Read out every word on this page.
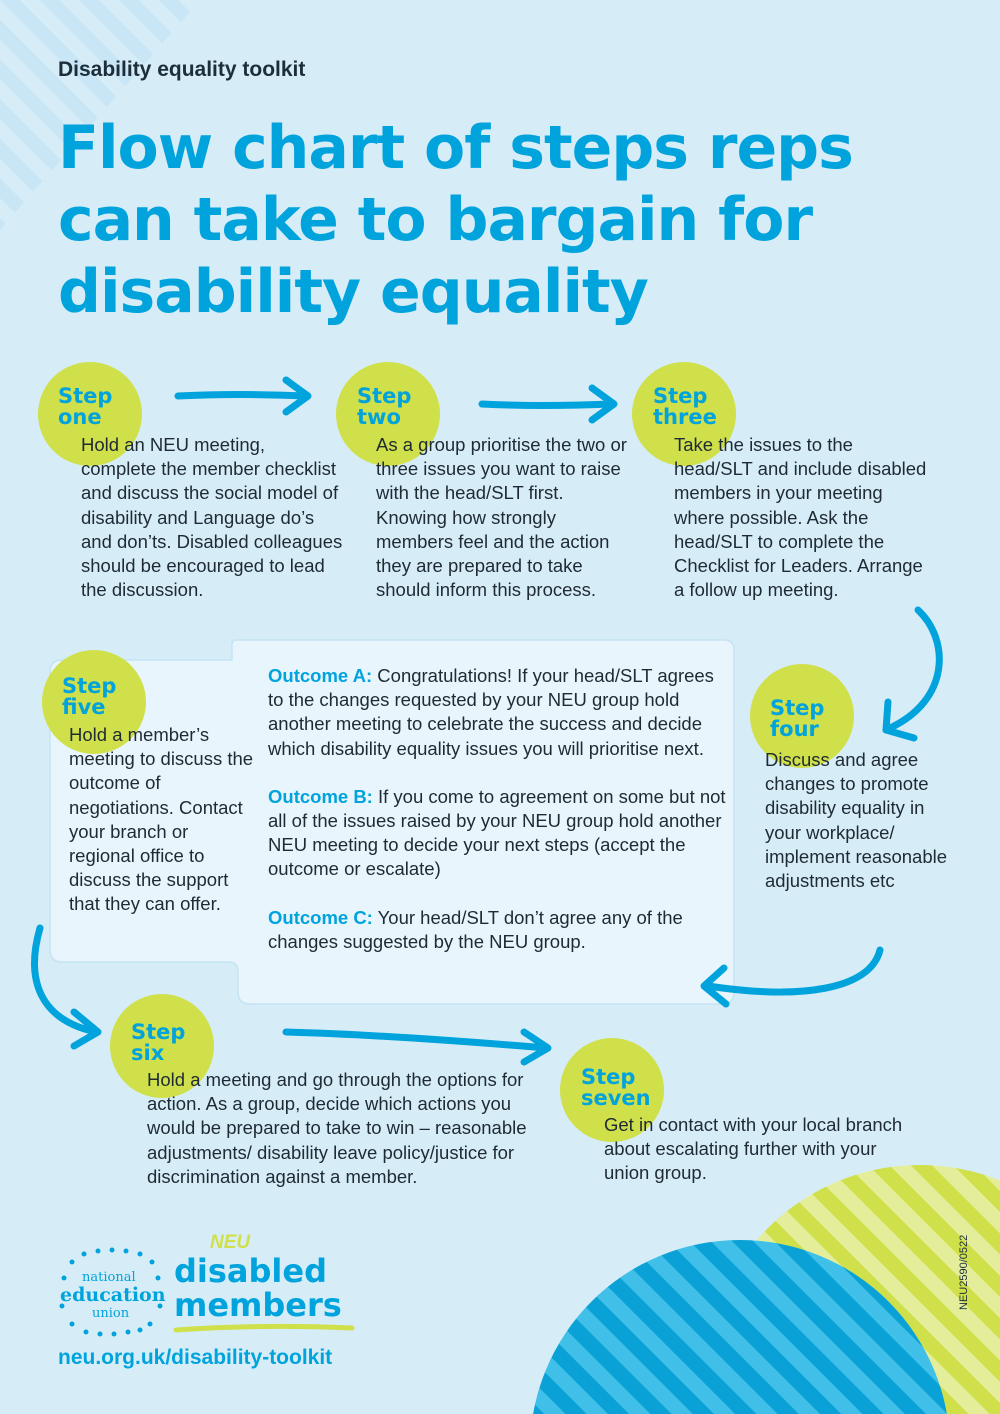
Disability equality toolkit
Flow chart of steps reps can take to bargain for disability equality
Step
one
Hold an NEU meeting, complete the member checklist and discuss the social model of disability and Language do’s and don’ts. Disabled colleagues should be encouraged to lead the discussion.
Step
two
As a group prioritise the two or three issues you want to raise with the head/SLT first. Knowing how strongly members feel and the action they are prepared to take should inform this process.
Step
three
Take the issues to the head/SLT and include disabled members in your meeting where possible. Ask the head/SLT to complete the Checklist for Leaders. Arrange a follow up meeting.
Step
four
Discuss and agree changes to promote disability equality in your workplace/ implement reasonable adjustments etc
Step
five
Hold a member’s meeting to discuss the outcome of negotiations. Contact your branch or regional office to discuss the support that they can offer.

Outcome A: Congratulations! If your head/SLT agrees to the changes requested by your NEU group hold another meeting to celebrate the success and decide which disability equality issues you will prioritise next.

Outcome B: If you come to agreement on some but not all of the issues raised by your NEU group hold another NEU meeting to decide your next steps (accept the outcome or escalate)

Outcome C: Your head/SLT don’t agree any of the changes suggested by the NEU group.

Step
six
Hold a meeting and go through the options for action. As a group, decide which actions you would be prepared to take to win – reasonable adjustments/ disability leave policy/justice for discrimination against a member.
Step
seven
Get in contact with your local branch about escalating further with your union group.
national
education
union
NEU
disabled
members
neu.org.uk/disability-toolkit
NEU2590/0522
